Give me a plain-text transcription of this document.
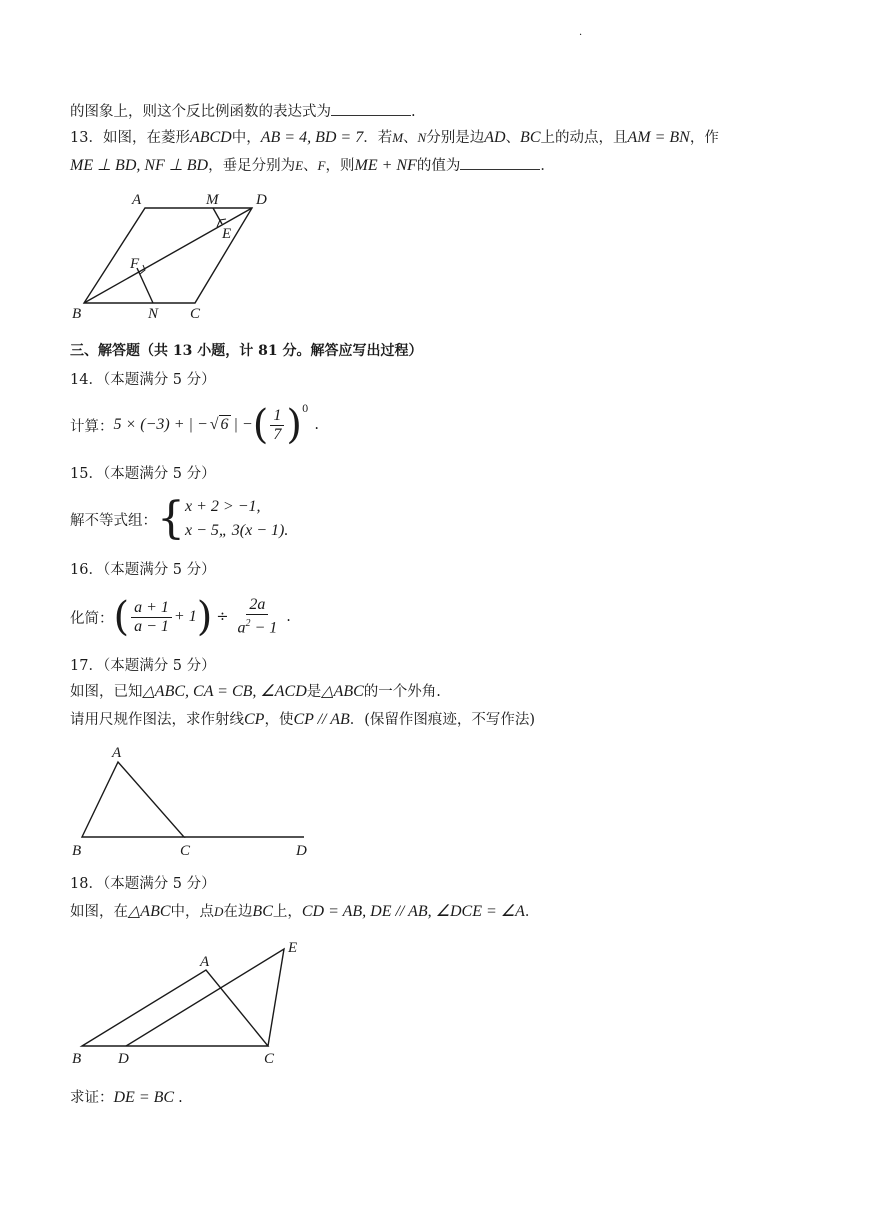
·
的图象上，则这个反比例函数的表达式为	.
13．如图，在菱形ABCD中，AB = 4, BD = 7．若M、N分别是边AD、BC上的动点，且AM = BN，作
ME ⊥ BD, NF ⊥ BD，垂足分别为E、F，则ME + NF的值为	．
A	M	D
E
F
B	N C
三、解答题（共 13 小题，计 81 分。解答应写出过程）
14．（本题满分 5 分）
计算： 5 × (−3) + | − √ 6 | − ( $\frac{1}{7}$ ) 0
.
15．（本题满分 5 分）
解不等式组： { x + 2 > −1,
x − 5„ 3(x − 1).
16．（本题满分 5 分）
化简： ( $\frac{a + 1}{a - 1} + 1$ ) ÷ $\frac{2a}{a^2 - 1}$ .
17．（本题满分 5 分）
如图，已知△ABC, CA = CB, ∠ACD是△ABC的一个外角.
请用尺规作图法，求作射线CP，使CP // AB．(保留作图痕迹，不写作法)
A
B	C	D
18．（本题满分 5 分）
如图，在△ABC中，点D在边BC上，CD = AB, DE // AB, ∠DCE = ∠A．
A
E
B D	C
求证：DE = BC .
